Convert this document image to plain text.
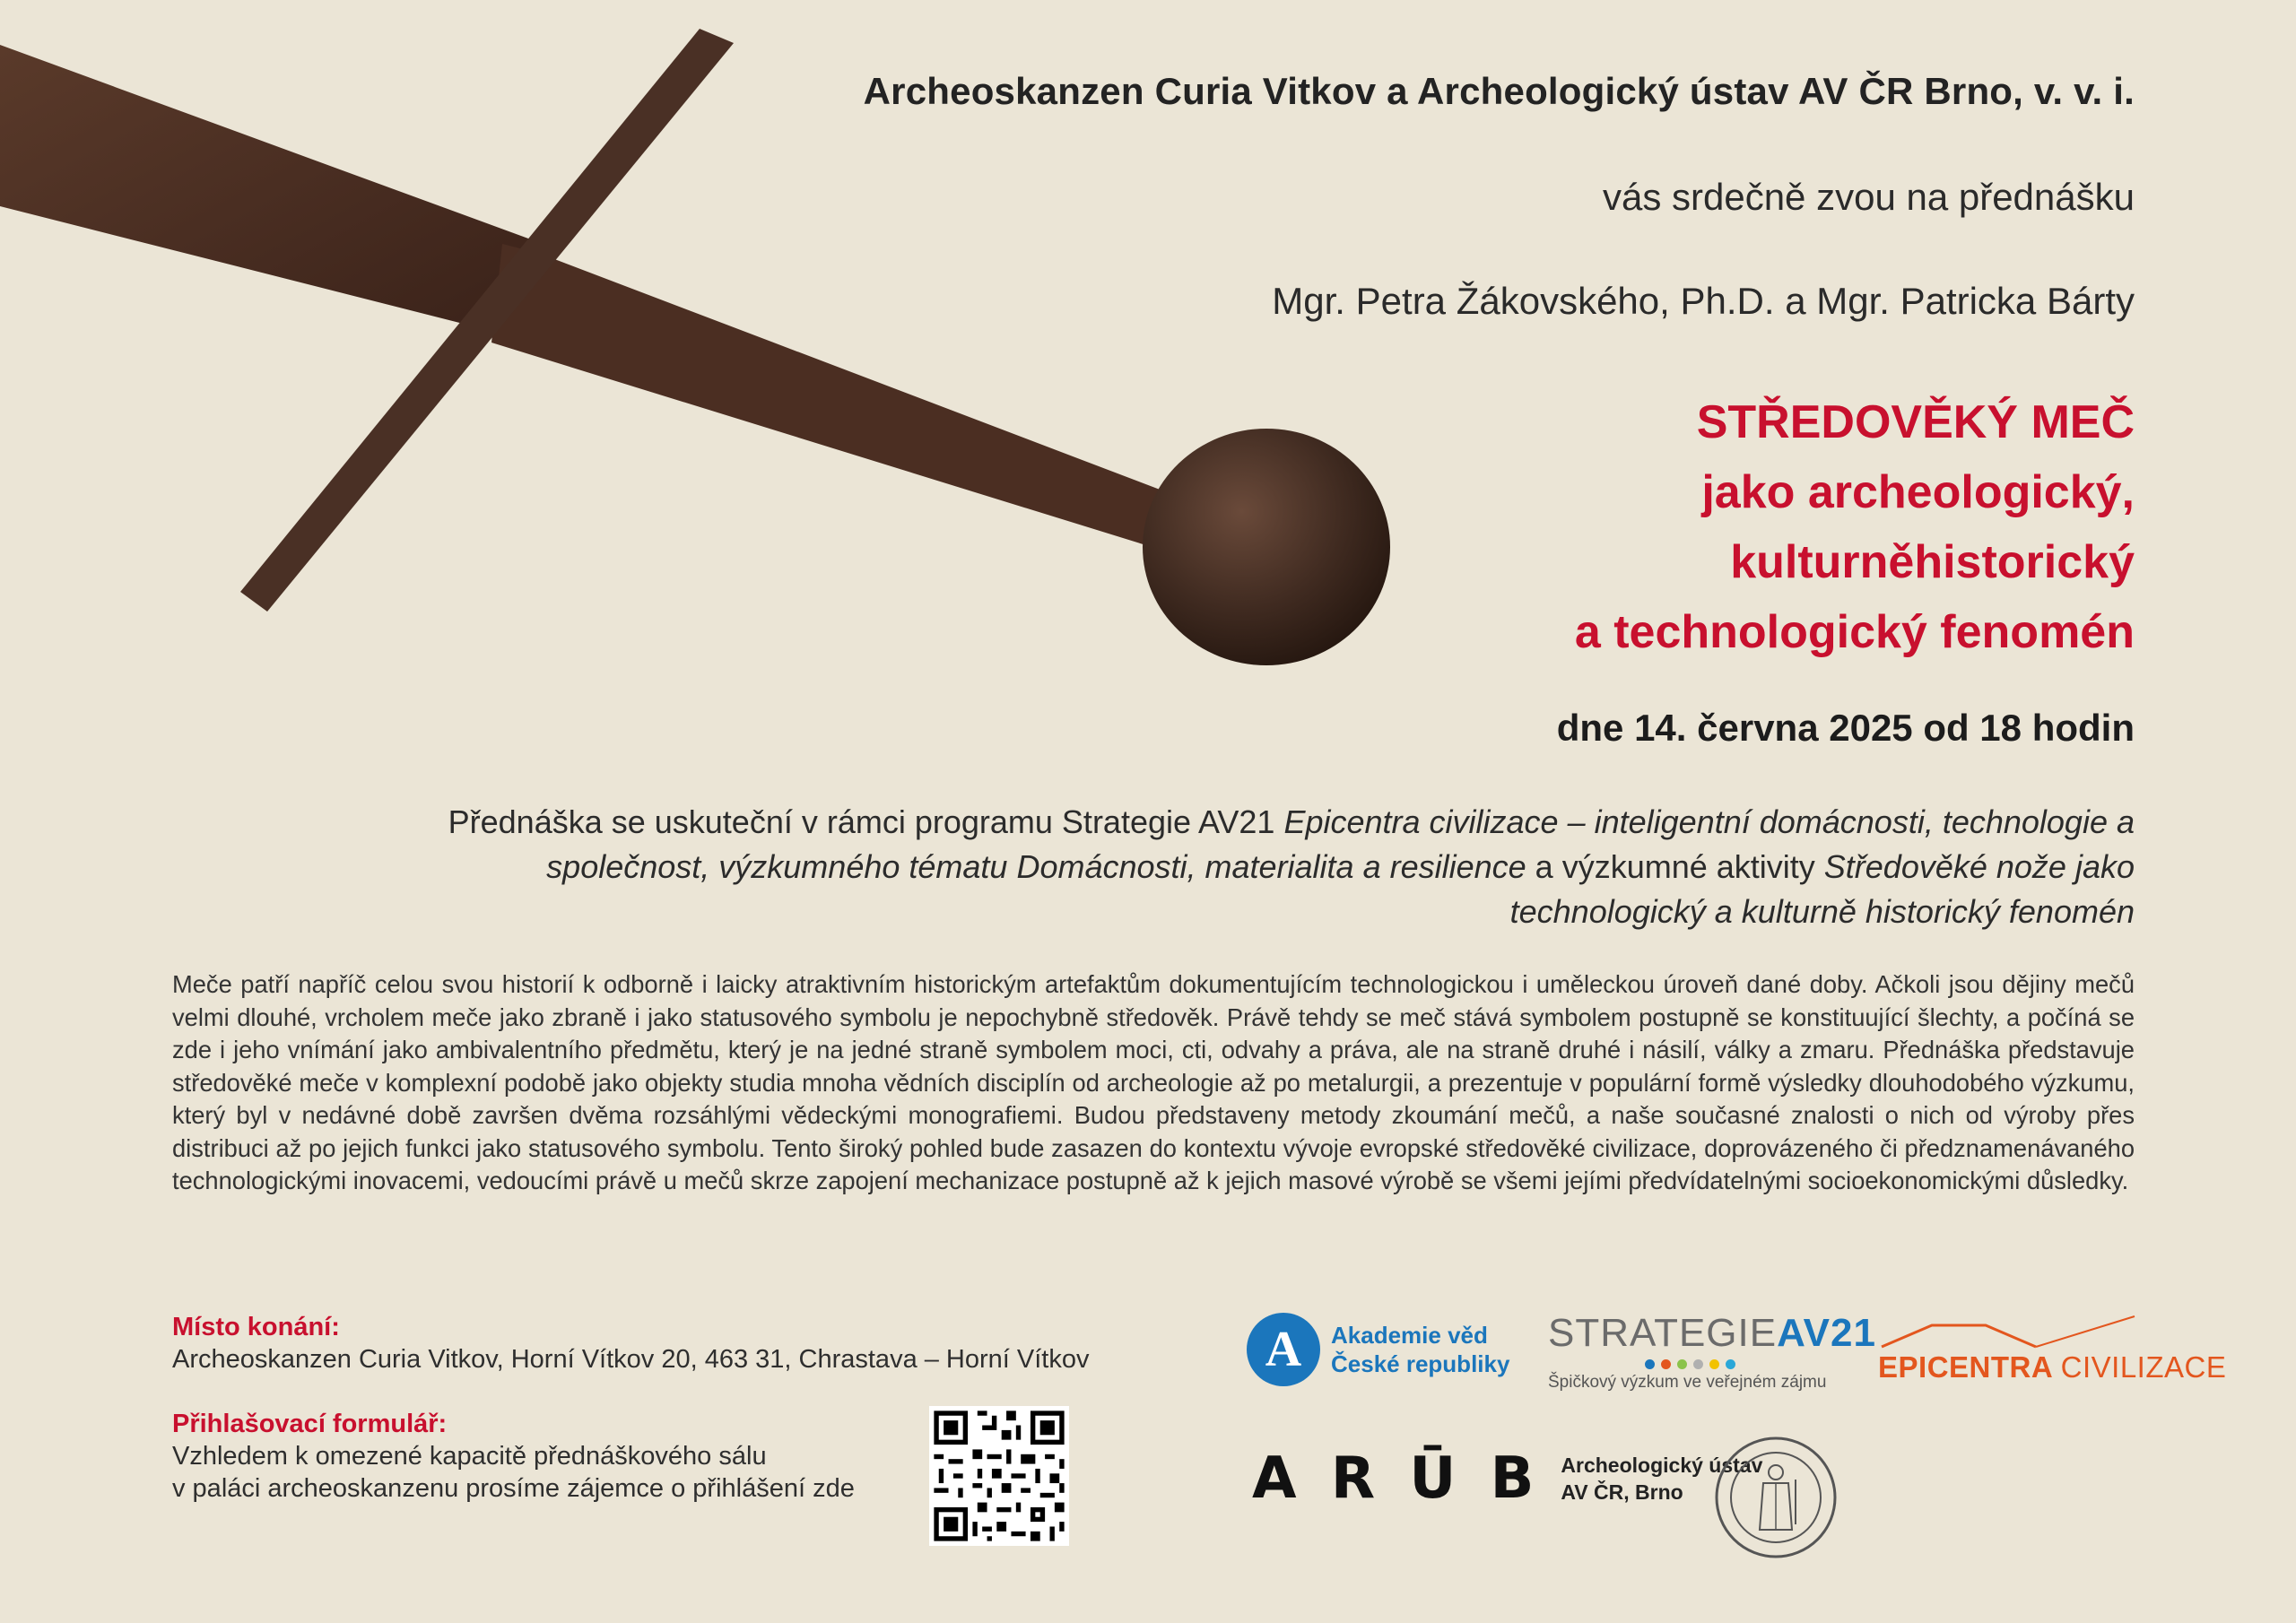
Archeoskanzen Curia Vitkov a Archeologický ústav AV ČR Brno, v. v. i.
vás srdečně zvou na přednášku
Mgr. Petra Žákovského, Ph.D. a Mgr. Patricka Bárty
STŘEDOVĚKÝ MEČ
jako archeologický,
kulturněhistorický
a technologický fenomén
dne 14. června 2025 od 18 hodin
Přednáška se uskuteční v rámci programu Strategie AV21 Epicentra civilizace – inteligentní domácnosti, technologie a společnost, výzkumného tématu Domácnosti, materialita a resilience a výzkumné aktivity Středověké nože jako technologický a kulturně historický fenomén
Meče patří napříč celou svou historií k odborně i laicky atraktivním historickým artefaktům dokumentujícím technologickou i uměleckou úroveň dané doby. Ačkoli jsou dějiny mečů velmi dlouhé, vrcholem meče jako zbraně i jako statusového symbolu je nepochybně středověk. Právě tehdy se meč stává symbolem postupně se konstituující šlechty, a počíná se zde i jeho vnímání jako ambivalentního předmětu, který je na jedné straně symbolem moci, cti, odvahy a práva, ale na straně druhé i násilí, války a zmaru. Přednáška představuje středověké meče v komplexní podobě jako objekty studia mnoha vědních disciplín od archeologie až po metalurgii, a prezentuje v populární formě výsledky dlouhodobého výzkumu, který byl v nedávné době završen dvěma rozsáhlými vědeckými monografiemi. Budou představeny metody zkoumání mečů, a naše současné znalosti o nich od výroby přes distribuci až po jejich funkci jako statusového symbolu. Tento široký pohled bude zasazen do kontextu vývoje evropské středověké civilizace, doprovázeného či předznamenávaného technologickými inovacemi, vedoucími právě u mečů skrze zapojení mechanizace postupně až k jejich masové výrobě se všemi jejími předvídatelnými socioekonomickými důsledky.
Místo konání:
Archeoskanzen Curia Vitkov, Horní Vítkov 20, 463 31, Chrastava – Horní Vítkov
Přihlašovací formulář:
Vzhledem k omezené kapacitě přednáškového sálu
v paláci archeoskanzenu prosíme zájemce o přihlášení zde
A	Akademie věd
České republiky
STRATEGIEAV21
Špičkový výzkum ve veřejném zájmu	EPICENTRA CIVILIZACE
A R Ū B Archeologický ústav
AV ČR, Brno
